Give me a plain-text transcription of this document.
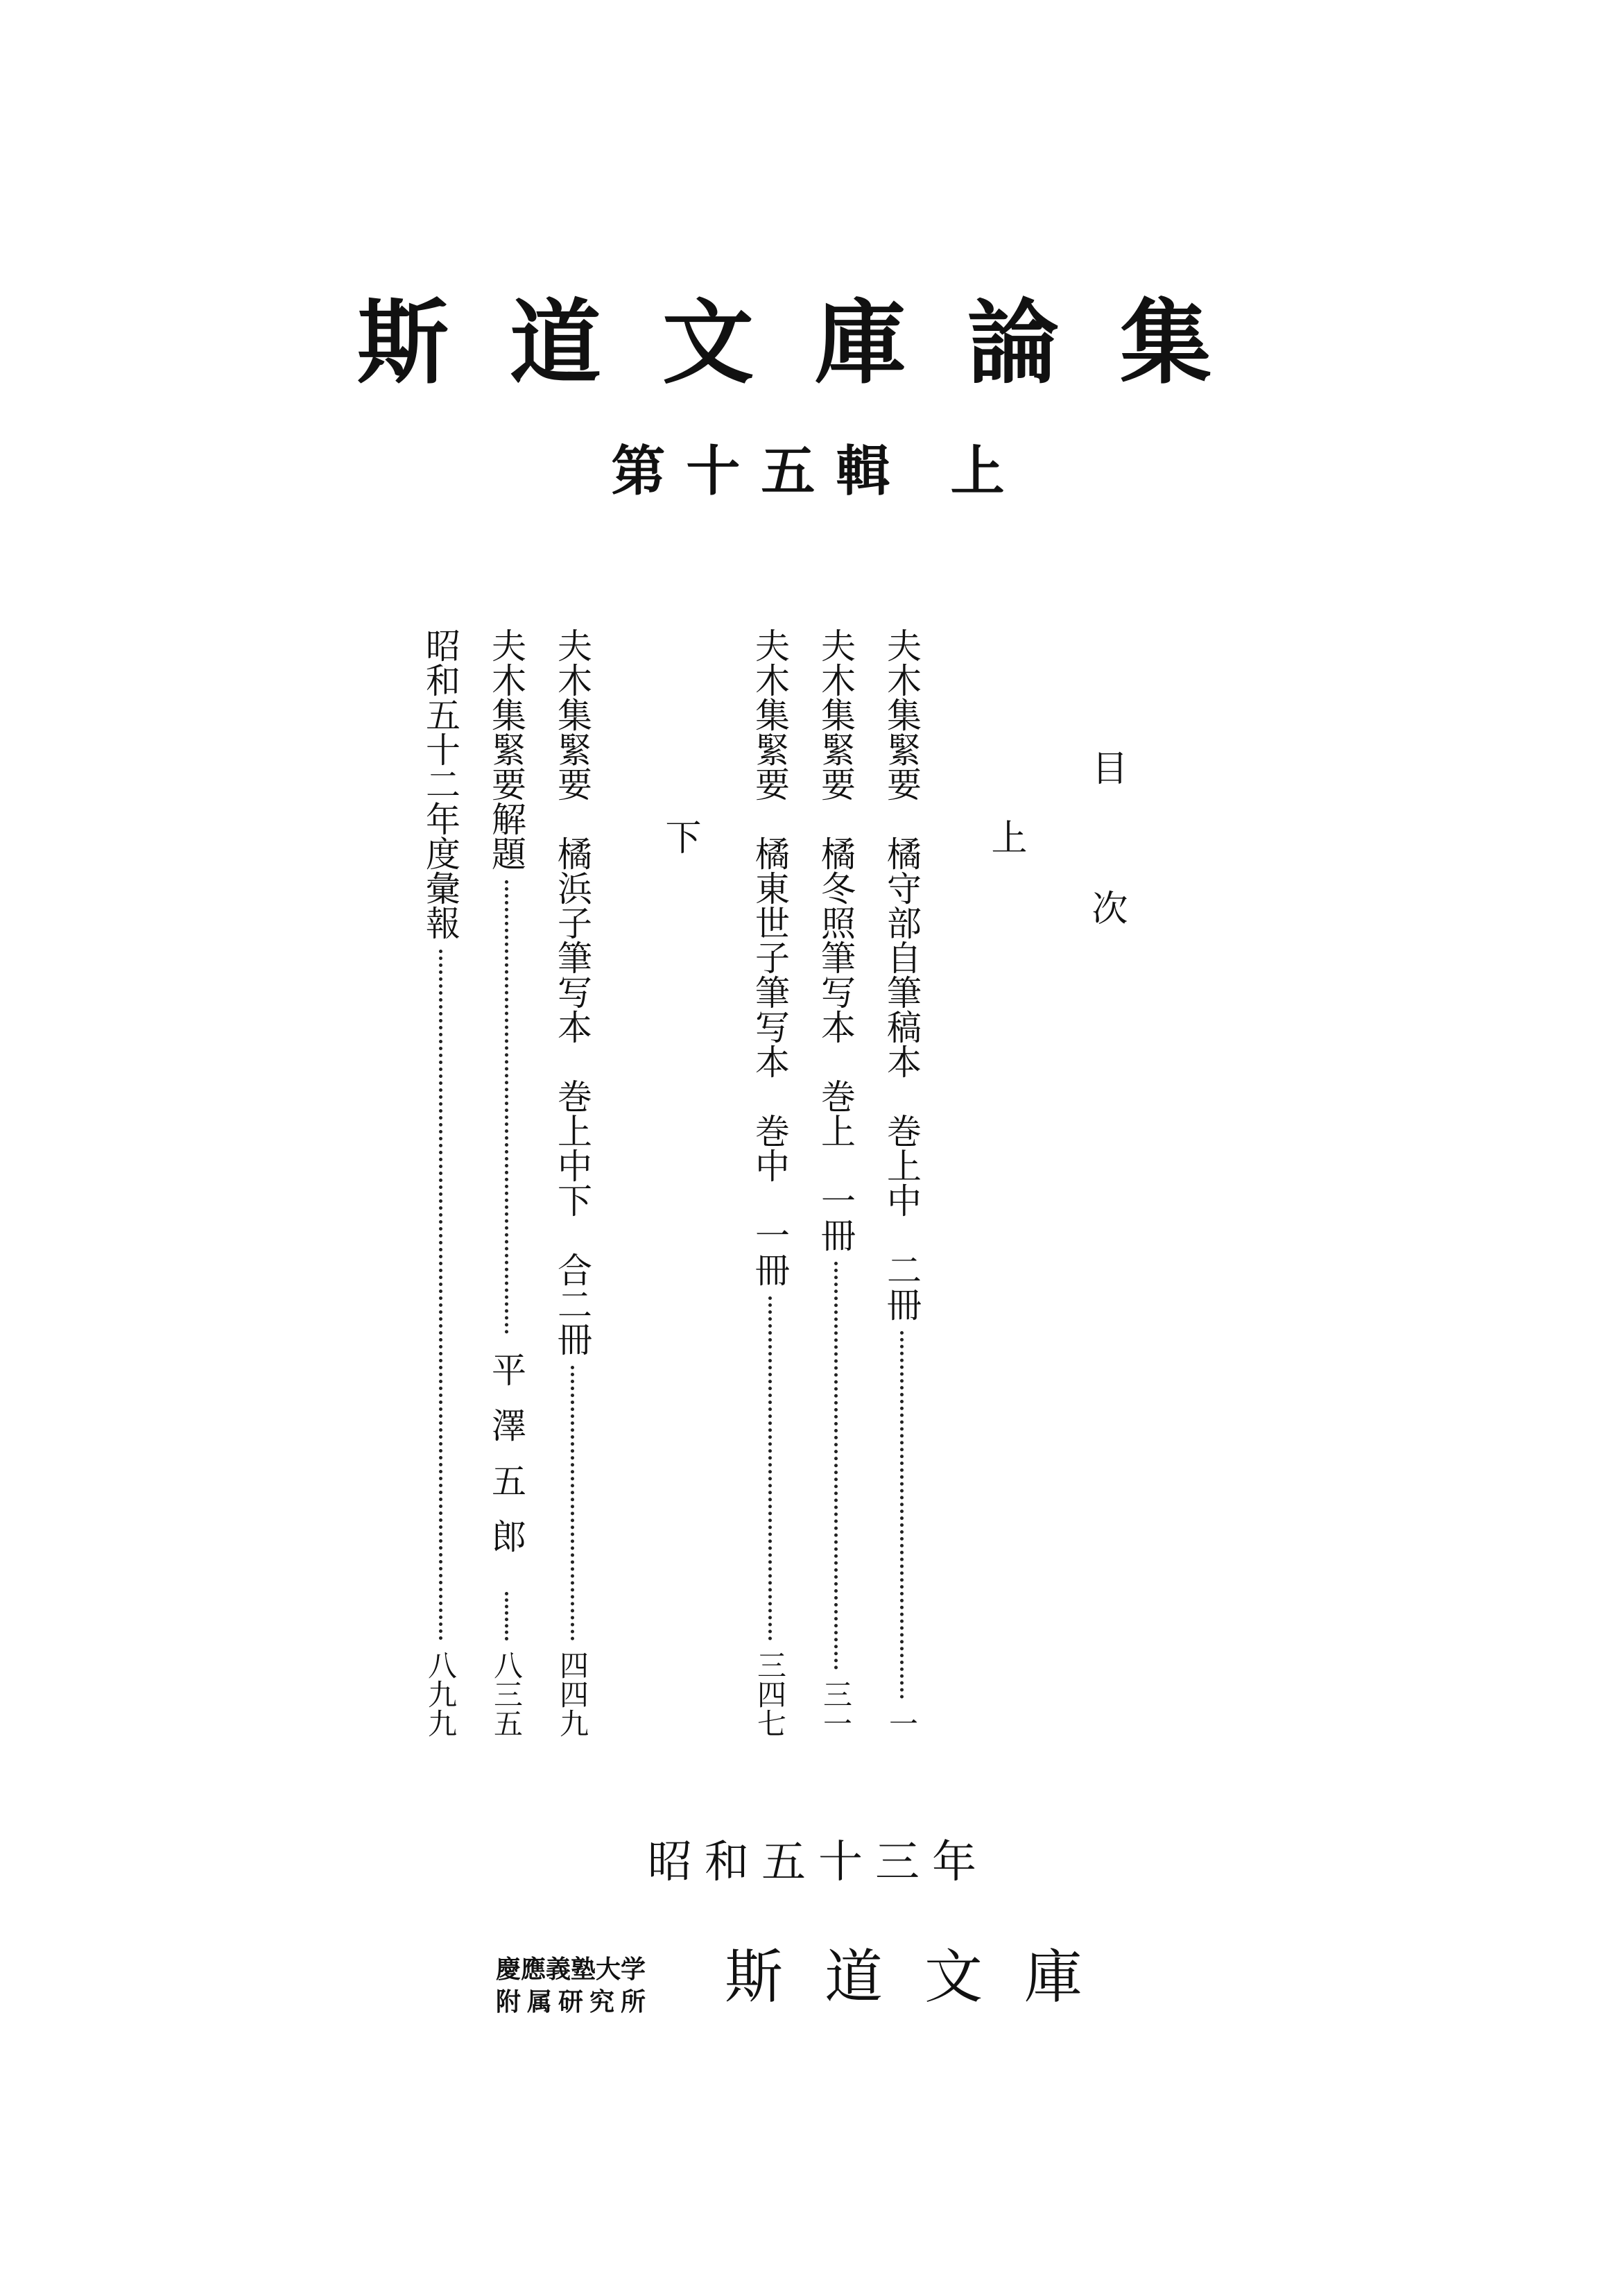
斯道文庫論集
第十五輯 上
目次
上
下	夫木集緊要　橘守部自筆稿本　巻上中　二冊
一
夫木集緊要　橘冬照筆写本　巻上　一冊
三一
夫木集緊要　橘東世子筆写本　巻中　一冊
三四七
夫木集緊要　橘浜子筆写本　巻上中下　合二冊
四四九
夫木集緊要解題
平澤五郎
八三五
昭和五十二年度彙報
八九九
昭和五十三年
慶應義塾大学
附属研究所	斯道文庫
